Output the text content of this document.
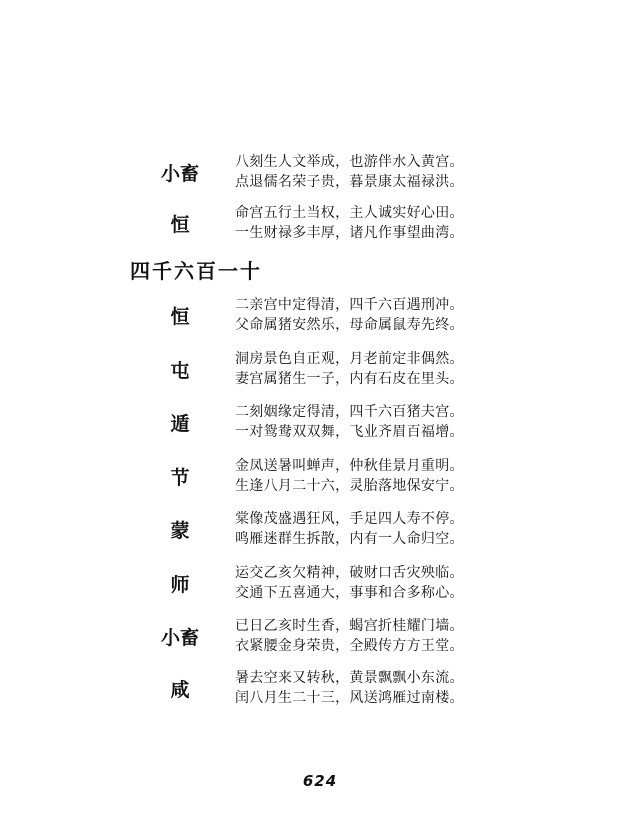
小畜
八刻生人文举成，也游伴水入黄宫。
点退儒名荣子贵，暮景康太福禄洪。
恒
命宫五行土当权，主人诚实好心田。
一生财禄多丰厚，诸凡作事望曲湾。
四千六百一十
恒
二亲宫中定得清，四千六百遇刑冲。
父命属猪安然乐，母命属鼠寿先终。
屯
洞房景色自正观，月老前定非偶然。
妻宫属猪生一子，内有石皮在里头。
遁
二刻姻缘定得清，四千六百猪夫宫。
一对鸳鸯双双舞，飞业齐眉百福增。
节
金凤送暑叫蝉声，仲秋佳景月重明。
生逢八月二十六，灵胎落地保安宁。
蒙
棠像茂盛遇狂风，手足四人寿不停。
鸣雁迷群生拆散，内有一人命归空。
师
运交乙亥欠精神，破财口舌灾殃临。
交通下五喜通大，事事和合多称心。
小畜
已日乙亥时生香，蝎宫折桂耀门墙。
衣紧腰金身荣贵，全殿传方方王堂。
咸
暑去空来又转秋，黄景飘飘小东流。
闰八月生二十三，风送鸿雁过南楼。
624
